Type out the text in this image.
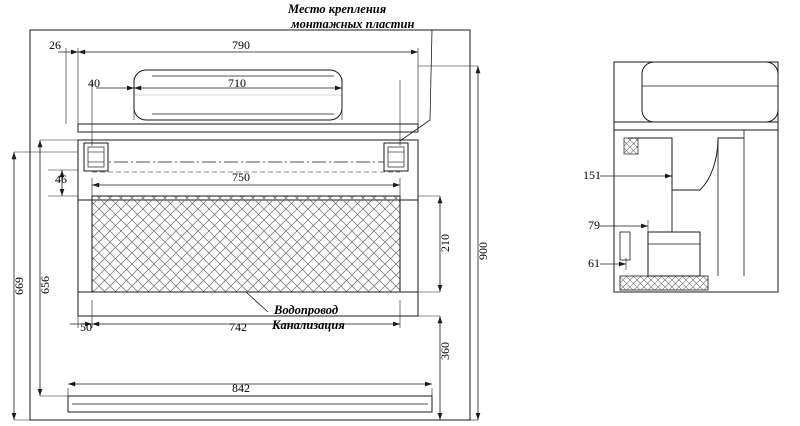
Место крепления
монтажных пластин
Водопровод
Канализация
26	790
40	710
46	750
50	742
842
669 656
210
360
900
151
79
61
